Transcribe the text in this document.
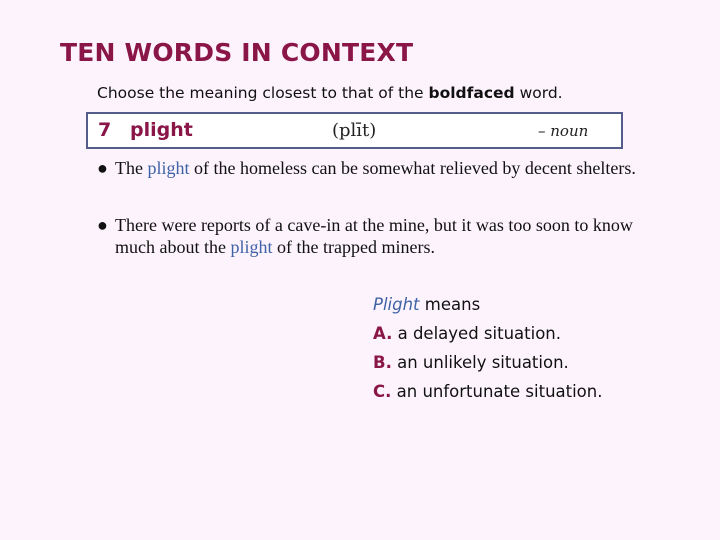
TEN WORDS IN CONTEXT
Choose the meaning closest to that of the boldfaced word.
7 plight	(plīt)	– noun
● The plight of the homeless can be somewhat relieved by decent shelters.
● There were reports of a cave-in at the mine, but it was too soon to know much about the plight of the trapped miners.
Plight means
A. a delayed situation.
B. an unlikely situation.
C. an unfortunate situation.
